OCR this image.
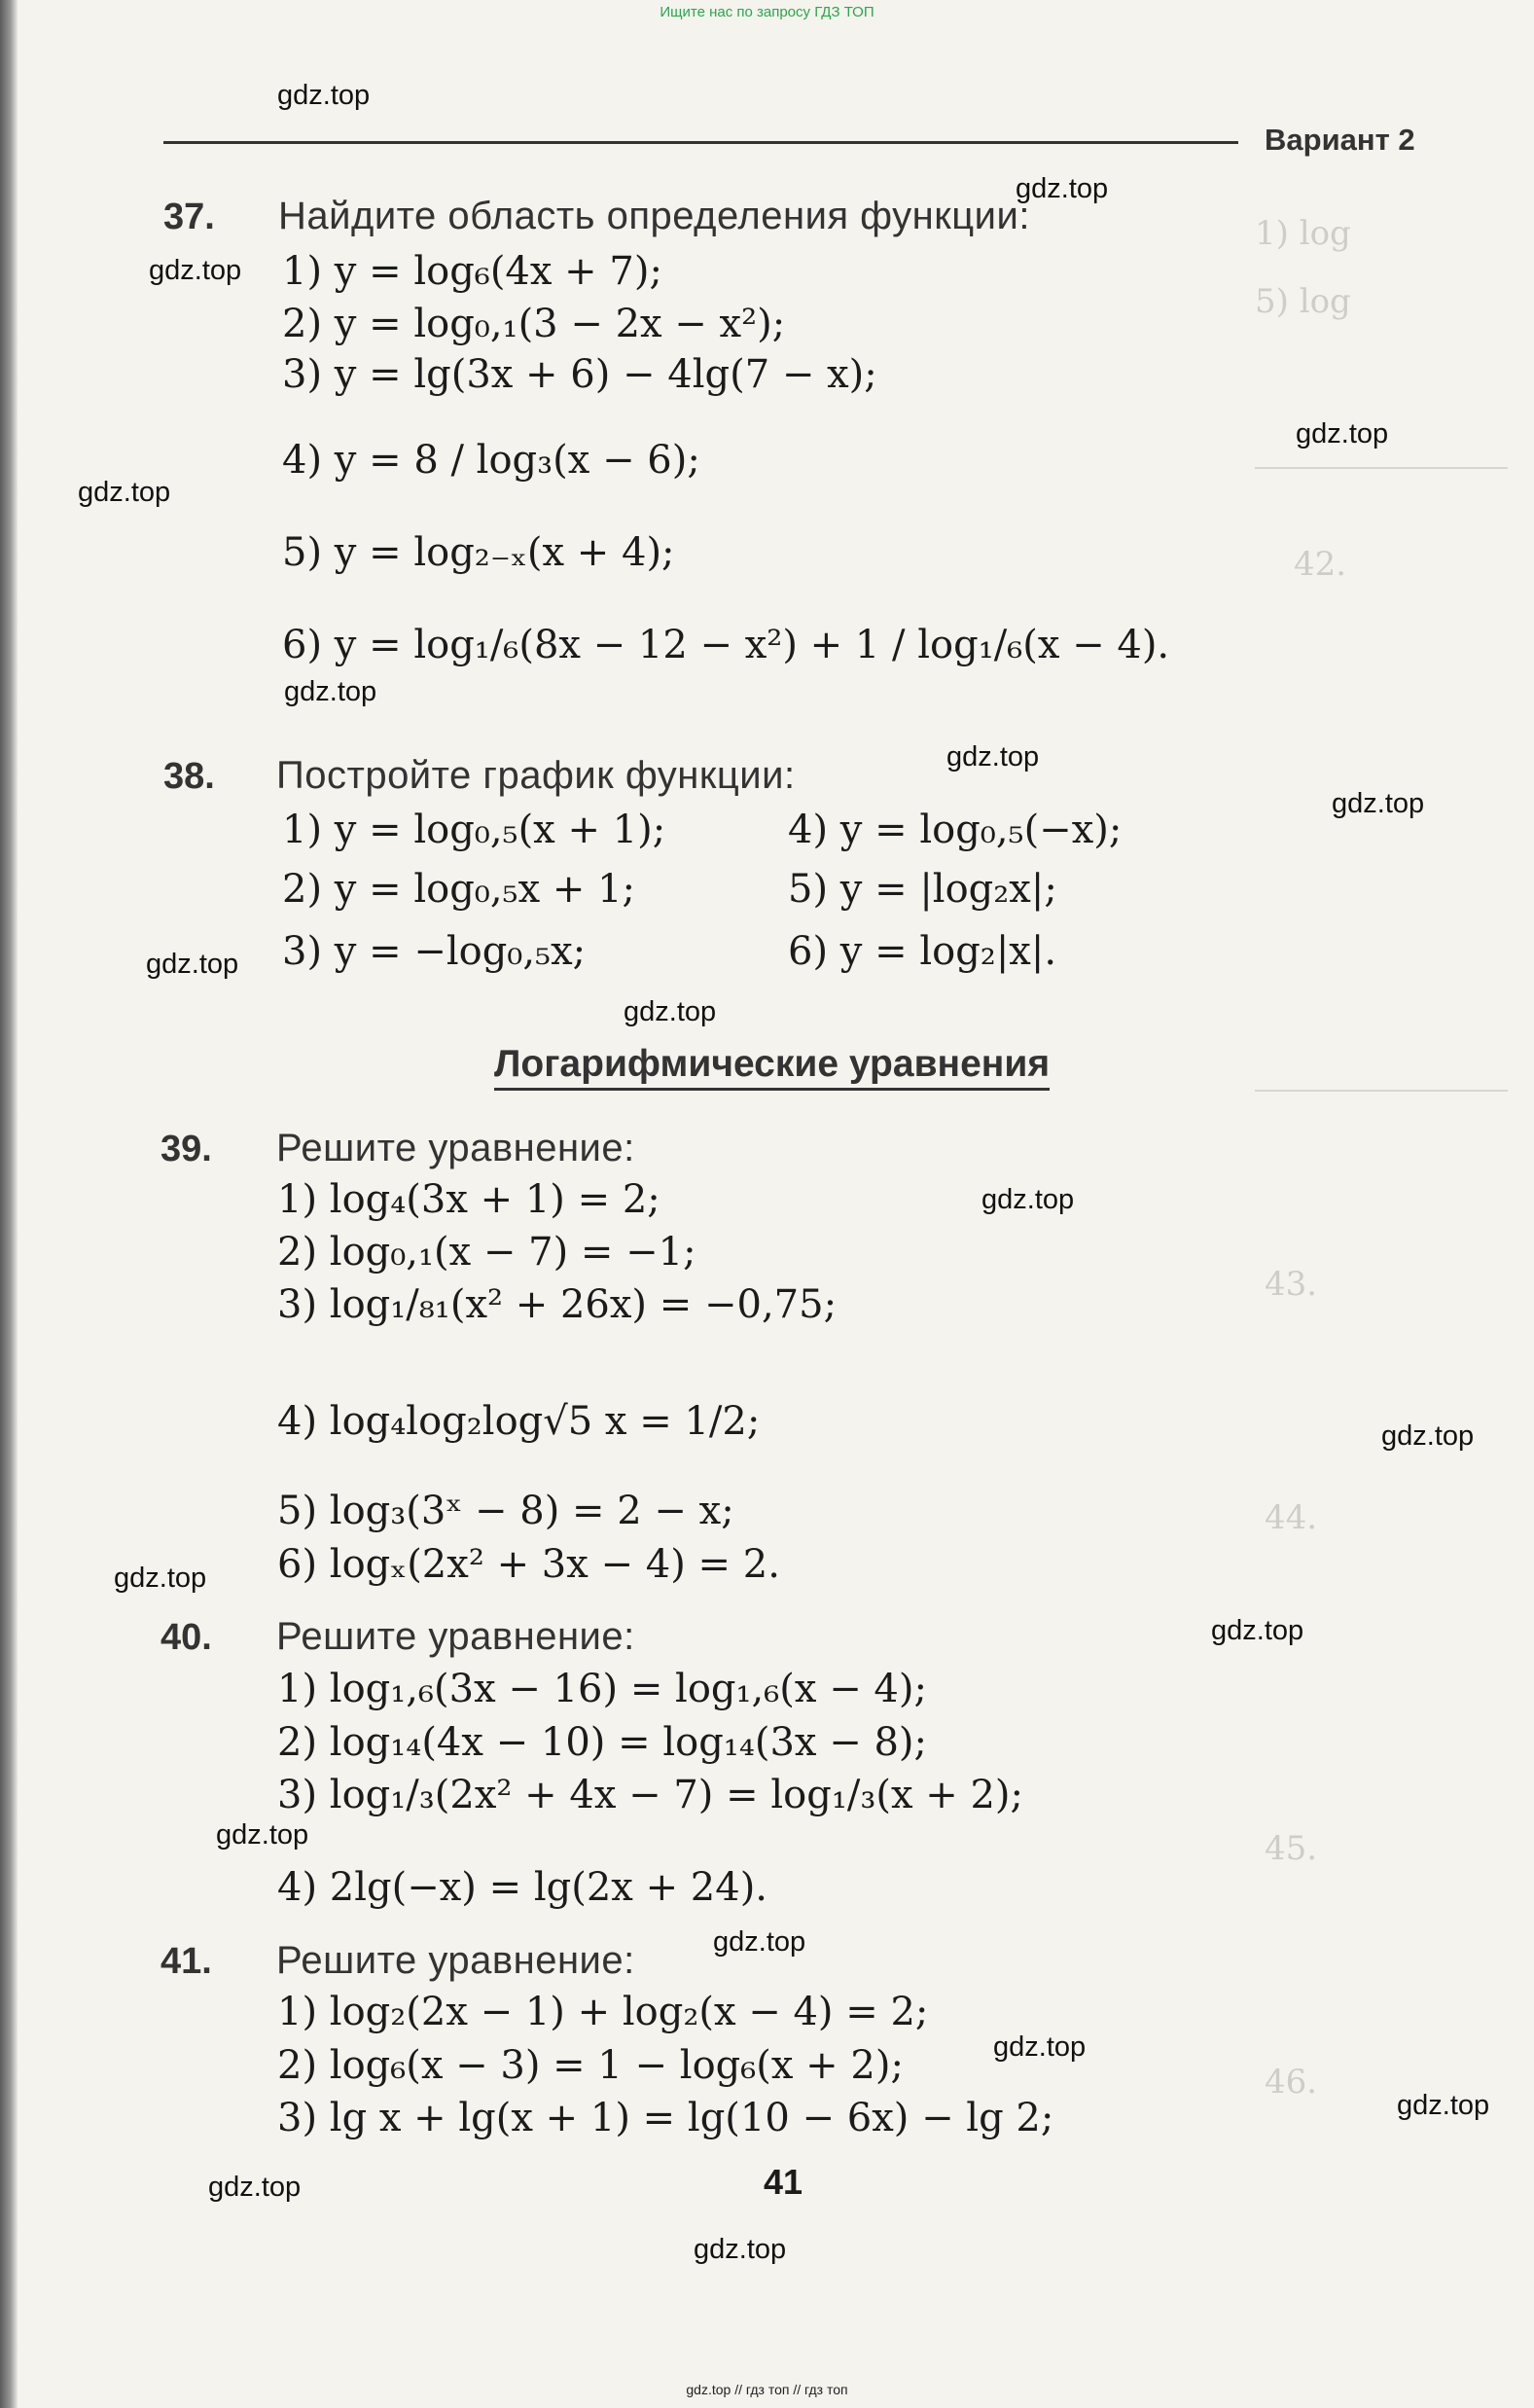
1) log
5) log
42.
43.
44.
45.
46.
Ищите нас по запросу ГДЗ ТОП
Вариант 2
37. Найдите область определения функции:
1) y = log₆(4x + 7);
2) y = log₀,₁(3 − 2x − x²);
3) y = lg(3x + 6) − 4lg(7 − x);
4) y = 8 / log₃(x − 6);
5) y = log₂₋ₓ(x + 4);
6) y = log₁/₆(8x − 12 − x²) + 1 / log₁/₆(x − 4).
38. Постройте график функции:
1) y = log₀,₅(x + 1);	4) y = log₀,₅(−x);
2) y = log₀,₅x + 1;	5) y = |log₂x|;
3) y = −log₀,₅x;	6) y = log₂|x|.
Логарифмические уравнения
39. Решите уравнение:
1) log₄(3x + 1) = 2;
2) log₀,₁(x − 7) = −1;
3) log₁/₈₁(x² + 26x) = −0,75;
4) log₄log₂log√5 x = 1/2;
5) log₃(3ˣ − 8) = 2 − x;
6) logₓ(2x² + 3x − 4) = 2.
40. Решите уравнение:
1) log₁,₆(3x − 16) = log₁,₆(x − 4);
2) log₁₄(4x − 10) = log₁₄(3x − 8);
3) log₁/₃(2x² + 4x − 7) = log₁/₃(x + 2);
4) 2lg(−x) = lg(2x + 24).
41. Решите уравнение:
1) log₂(2x − 1) + log₂(x − 4) = 2;
2) log₆(x − 3) = 1 − log₆(x + 2);
3) lg x + lg(x + 1) = lg(10 − 6x) − lg 2;
41
gdz.top
gdz.top
gdz.top
gdz.top
gdz.top
gdz.top
gdz.top
gdz.top
gdz.top
gdz.top
gdz.top
gdz.top
gdz.top
gdz.top
gdz.top
gdz.top
gdz.top
gdz.top
gdz.top
gdz.top
gdz.top // гдз топ // гдз топ
